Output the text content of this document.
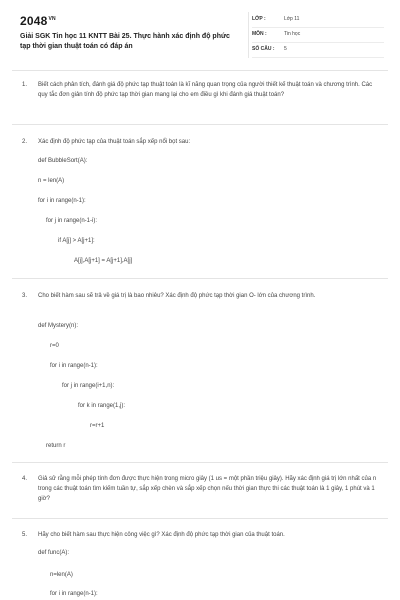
$2048^{VN}$
Giải SGK Tin học 11 KNTT Bài 25. Thực hành xác định độ phức tạp thời gian thuật toán có đáp án
LỚP :	Lớp 11
MÔN :	Tin học
SỐ CÂU : 5
1. Biết cách phân tích, đánh giá độ phức tạp thuật toán là kĩ năng quan trọng của người thiết kế thuật toán và chương trình. Các quy tắc đơn giản tính độ phức tạp thời gian mang lại cho em điều gì khi đánh giá thuật toán?
2. Xác định độ phức tạp của thuật toán sắp xếp nổi bọt sau:
def BubbleSort(A):
n = len(A)
for i in range(n-1):
for j in range(n-1-i):
if A[j] > A[j+1]:
A[j],A[j+1] = A[j+1],A[j]
3. Cho biết hàm sau sẽ trả về giá trị là bao nhiêu? Xác định độ phức tạp thời gian O- lớn của chương trình.
def Mystery(n):
r=0
for i in range(n-1):
for j in range(i+1,n):
for k in range(1,j):
r=r+1
return r
4. Giả sử rằng mỗi phép tính đơn được thực hiện trong micro giây (1 us = một phần triệu giây). Hãy xác định giá trị lớn nhất của n trong các thuật toán tìm kiếm tuần tự, sắp xếp chèn và sắp xếp chọn nếu thời gian thực thi các thuật toán là 1 giây, 1 phút và 1 giờ?
5. Hãy cho biết hàm sau thực hiện công việc gì? Xác định độ phức tạp thời gian của thuật toán.
def func(A):
n=len(A)
for i in range(n-1):
